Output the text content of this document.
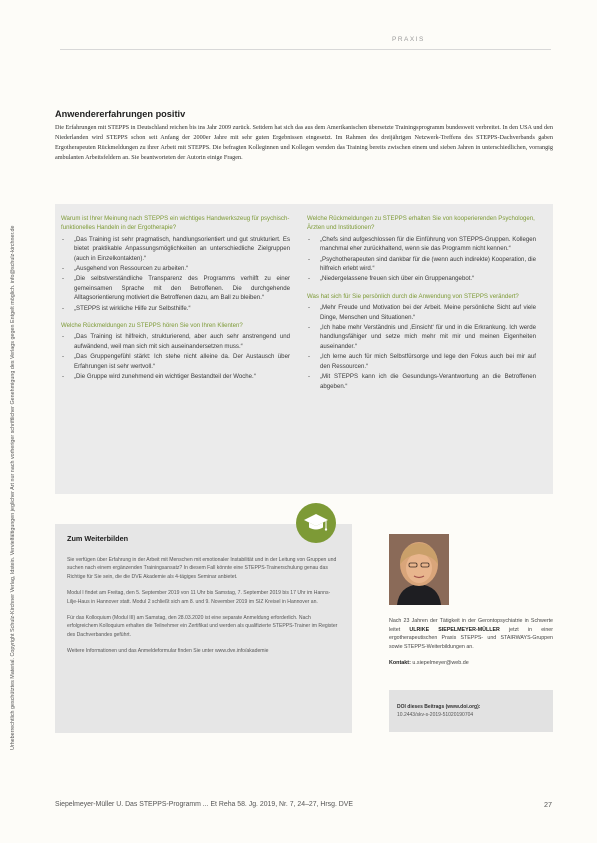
Urheberrechtlich geschütztes Material. Copyright Schulz-Kirchner Verlag, Idstein. Vervielfältigungen jeglicher Art nur nach vorheriger schriftlicher Genehmigung des Verlags gegen Entgelt möglich. info@schulz-kirchner.de
PRAXIS
Anwendererfahrungen positiv

Die Erfahrungen mit STEPPS in Deutschland reichen bis ins Jahr 2009 zurück. Seitdem hat sich das aus dem Amerikanischen übersetzte Trainingsprogramm bundesweit verbreitet. In den USA und den Niederlanden wird STEPPS schon seit Anfang der 2000er Jahre mit sehr guten Ergebnissen eingesetzt. Im Rahmen des dreijährigen Netzwerk-Treffens des STEPPS-Dachverbands gaben Ergotherapeuten Rückmeldungen zu ihrer Arbeit mit STEPPS. Die befragten Kolleginnen und Kollegen wenden das Training bereits zwischen einem und sieben Jahren in unterschiedlichen, vorrangig ambulanten Arbeitsfeldern an. Sie beantworteten der Autorin einige Fragen.

Warum ist Ihrer Meinung nach STEPPS ein wichtiges Handwerkszeug für psychisch-funktionelles Handeln in der Ergotherapie?

- „Das Training ist sehr pragmatisch, handlungsorientiert und gut strukturiert. Es bietet praktikable Anpassungsmöglichkeiten an unterschiedliche Zielgruppen (auch in Einzelkontakten).“
- „Ausgehend von Ressourcen zu arbeiten.“
- „Die selbstverständliche Transparenz des Programms verhilft zu einer gemeinsamen Sprache mit den Betroffenen. Die durchgehende Alltagsorientierung motiviert die Betroffenen dazu, am Ball zu bleiben.“
- „STEPPS ist wirkliche Hilfe zur Selbsthilfe.“

Welche Rückmeldungen zu STEPPS hören Sie von Ihren Klienten?

- „Das Training ist hilfreich, strukturierend, aber auch sehr anstrengend und aufwändend, weil man sich mit sich auseinandersetzen muss.“
- „Das Gruppengefühl stärkt: Ich stehe nicht alleine da. Der Austausch über Erfahrungen ist sehr wertvoll.“
- „Die Gruppe wird zunehmend ein wichtiger Bestandteil der Woche.“

Welche Rückmeldungen zu STEPPS erhalten Sie von kooperierenden Psychologen, Ärzten und Institutionen?

- „Chefs sind aufgeschlossen für die Einführung von STEPPS-Gruppen. Kollegen manchmal eher zurückhaltend, wenn sie das Programm nicht kennen.“
- „Psychotherapeuten sind dankbar für die (wenn auch indirekte) Kooperation, die hilfreich erlebt wird.“
- „Niedergelassene freuen sich über ein Gruppenangebot.“

Was hat sich für Sie persönlich durch die Anwendung von STEPPS verändert?

- „Mehr Freude und Motivation bei der Arbeit. Meine persönliche Sicht auf viele Dinge, Menschen und Situationen.“
- „Ich habe mehr Verständnis und ‚Einsicht‘ für und in die Erkrankung. Ich werde handlungsfähiger und setze mich mehr mit mir und meinen Eigenheiten auseinander.“
- „Ich lerne auch für mich Selbstfürsorge und lege den Fokus auch bei mir auf den Ressourcen.“
- „Mit STEPPS kann ich die Gesundungs-Verantwortung an die Betroffenen abgeben.“
Zum Weiterbilden

Sie verfügen über Erfahrung in der Arbeit mit Menschen mit emotionaler Instabilität und in der Leitung von Gruppen und suchen nach einem ergänzenden Trainingsansatz? In diesem Fall könnte eine STEPPS-Trainerschulung genau das Richtige für Sie sein, die die DVE Akademie als 4-tägiges Seminar anbietet.

Modul I findet am Freitag, den 5. September 2019 von 11 Uhr bis Samstag, 7. September 2019 bis 17 Uhr im Hanns-Lilje-Haus in Hannover statt. Modul 2 schließt sich am 8. und 9. November 2019 im SIZ Kreisel in Hannover an.

Für das Kolloquium (Modul III) am Samstag, den 28.03.2020 ist eine separate Anmeldung erforderlich. Nach erfolgreichem Kolloquium erhalten die Teilnehmer ein Zertifikat und werden als qualifizierte STEPPS-Trainer im Register des Dachverbandes geführt.

Weitere Informationen und das Anmeldeformular finden Sie unter www.dve.info/akademie

Nach 23 Jahren der Tätigkeit in der Gerontopsychiatrie in Schwerte leitet ULRIKE SIEPELMEYER-MÜLLER jetzt in einer ergotherapeutischen Praxis STEPPS- und STAIRWAYS-Gruppen sowie STEPPS-Weiterbildungen an.

Kontakt: u.siepelmeyer@web.de

DOI dieses Beitrags (www.doi.org):
10.2443/skv-s-2019-51020190704
Siepelmeyer-Müller U. Das STEPPS-Programm ... Et Reha 58. Jg. 2019, Nr. 7, 24–27, Hrsg. DVE	27
